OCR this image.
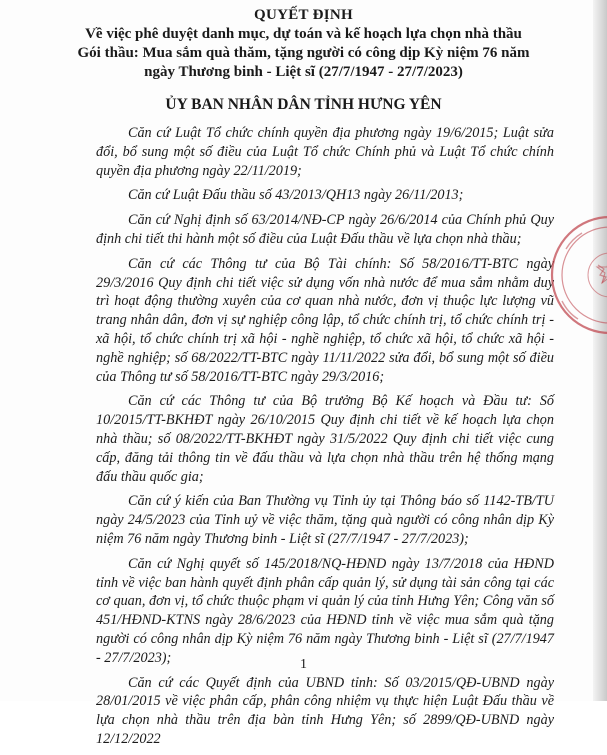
QUYẾT ĐỊNH
Về việc phê duyệt danh mục, dự toán và kế hoạch lựa chọn nhà thầu
Gói thầu: Mua sắm quà thăm, tặng người có công dịp Kỳ niệm 76 năm
ngày Thương binh - Liệt sĩ (27/7/1947 - 27/7/2023)
ỦY BAN NHÂN DÂN TỈNH HƯNG YÊN

Căn cứ Luật Tổ chức chính quyền địa phương ngày 19/6/2015; Luật sửa đổi, bổ sung một số điều của Luật Tổ chức Chính phủ và Luật Tổ chức chính quyền địa phương ngày 22/11/2019;

Căn cứ Luật Đấu thầu số 43/2013/QH13 ngày 26/11/2013;

Căn cứ Nghị định số 63/2014/NĐ-CP ngày 26/6/2014 của Chính phủ Quy định chi tiết thi hành một số điều của Luật Đấu thầu về lựa chọn nhà thầu;

Căn cứ các Thông tư của Bộ Tài chính: Số 58/2016/TT-BTC ngày 29/3/2016 Quy định chi tiết việc sử dụng vốn nhà nước để mua sắm nhằm duy trì hoạt động thường xuyên của cơ quan nhà nước, đơn vị thuộc lực lượng vũ trang nhân dân, đơn vị sự nghiệp công lập, tổ chức chính trị, tổ chức chính trị - xã hội, tổ chức chính trị xã hội - nghề nghiệp, tổ chức xã hội, tổ chức xã hội - nghề nghiệp; số 68/2022/TT-BTC ngày 11/11/2022 sửa đổi, bổ sung một số điều của Thông tư số 58/2016/TT-BTC ngày 29/3/2016;

Căn cứ các Thông tư của Bộ trưởng Bộ Kế hoạch và Đầu tư: Số 10/2015/TT-BKHĐT ngày 26/10/2015 Quy định chi tiết về kế hoạch lựa chọn nhà thầu; số 08/2022/TT-BKHĐT ngày 31/5/2022 Quy định chi tiết việc cung cấp, đăng tải thông tin về đấu thầu và lựa chọn nhà thầu trên hệ thống mạng đấu thầu quốc gia;

Căn cứ ý kiến của Ban Thường vụ Tỉnh ủy tại Thông báo số 1142-TB/TU ngày 24/5/2023 của Tỉnh uỷ về việc thăm, tặng quà người có công nhân dịp Kỳ niệm 76 năm ngày Thương binh - Liệt sĩ (27/7/1947 - 27/7/2023);

Căn cứ Nghị quyết số 145/2018/NQ-HĐND ngày 13/7/2018 của HĐND tỉnh về việc ban hành quyết định phân cấp quản lý, sử dụng tài sản công tại các cơ quan, đơn vị, tổ chức thuộc phạm vi quản lý của tỉnh Hưng Yên; Công văn số 451/HĐND-KTNS ngày 28/6/2023 của HĐND tỉnh về việc mua sắm quà tặng người có công nhân dịp Kỳ niệm 76 năm ngày Thương binh - Liệt sĩ (27/7/1947 - 27/7/2023);

Căn cứ các Quyết định của UBND tỉnh: Số 03/2015/QĐ-UBND ngày 28/01/2015 về việc phân cấp, phân công nhiệm vụ thực hiện Luật Đấu thầu về lựa chọn nhà thầu trên địa bàn tỉnh Hưng Yên; số 2899/QĐ-UBND ngày 12/12/2022

1
